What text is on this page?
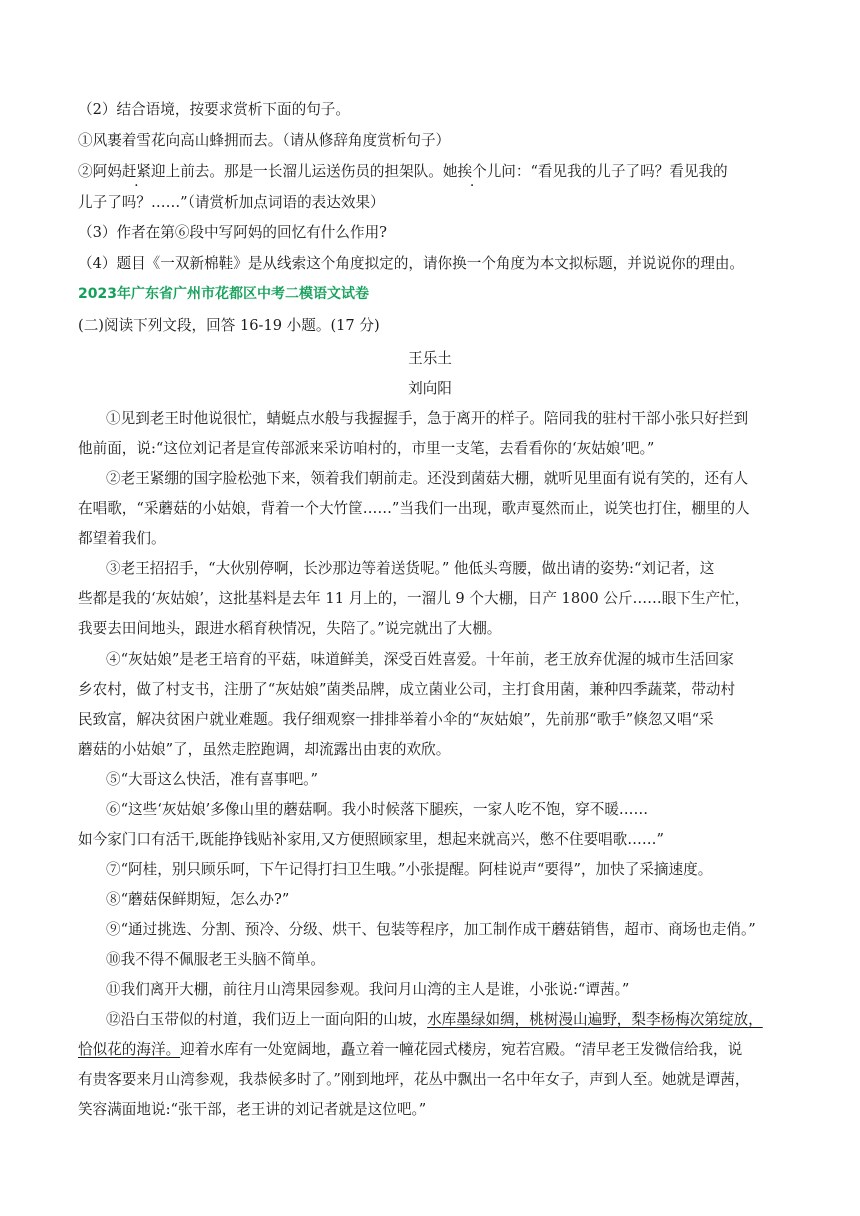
（2）结合语境，按要求赏析下面的句子。
①风裹着雪花向高山蜂拥而去。（请从修辞角度赏析句子）
②阿妈赶紧迎上前去。那是一长溜儿运送伤员的担架队。她挨个儿问：“看见我的儿子了吗？看见我的
儿子了吗？……”（请赏析加点词语的表达效果）
（3）作者在第⑥段中写阿妈的回忆有什么作用?
（4）题目《一双新棉鞋》是从线索这个角度拟定的，请你换一个角度为本文拟标题，并说说你的理由。
2023年广东省广州市花都区中考二模语文试卷
(二)阅读下列文段，回答 16-19 小题。(17 分)
王乐土
刘向阳
①见到老王时他说很忙，蜻蜓点水般与我握握手，急于离开的样子。陪同我的驻村干部小张只好拦到
他前面，说:“这位刘记者是宣传部派来采访咱村的，市里一支笔，去看看你的‘灰姑娘’吧。”
②老王紧绷的国字脸松弛下来，领着我们朝前走。还没到菌菇大棚，就听见里面有说有笑的，还有人
在唱歌，“采蘑菇的小姑娘，背着一个大竹筐……”当我们一出现，歌声戛然而止，说笑也打住，棚里的人
都望着我们。
③老王招招手，“大伙别停啊，长沙那边等着送货呢。” 他低头弯腰，做出请的姿势:“刘记者，这
些都是我的‘灰姑娘’，这批基料是去年 11 月上的，一溜儿 9 个大棚，日产 1800 公斤……眼下生产忙，
我要去田间地头，跟进水稻育秧情况，失陪了。”说完就出了大棚。
④“灰姑娘”是老王培育的平菇，味道鲜美，深受百姓喜爱。十年前，老王放弃优渥的城市生活回家
乡农村，做了村支书，注册了“灰姑娘”菌类品牌，成立菌业公司，主打食用菌，兼种四季蔬菜，带动村
民致富，解决贫困户就业难题。我仔细观察一排排举着小伞的“灰姑娘”，先前那“歌手”倏忽又唱“采
蘑菇的小姑娘”了，虽然走腔跑调，却流露出由衷的欢欣。
⑤“大哥这么快活，准有喜事吧。”
⑥“这些‘灰姑娘’多像山里的蘑菇啊。我小时候落下腿疾，一家人吃不饱，穿不暖……
如今家门口有活干,既能挣钱贴补家用,又方便照顾家里，想起来就高兴，憋不住要唱歌……”
⑦“阿桂，别只顾乐呵，下午记得打扫卫生哦。”小张提醒。阿桂说声“要得”，加快了采摘速度。
⑧“蘑菇保鲜期短，怎么办?”
⑨“通过挑选、分割、预冷、分级、烘干、包装等程序，加工制作成干蘑菇销售，超市、商场也走俏。”
⑩我不得不佩服老王头脑不简单。
⑪我们离开大棚，前往月山湾果园参观。我问月山湾的主人是谁，小张说:“谭茜。”
⑫沿白玉带似的村道，我们迈上一面向阳的山坡，水库墨绿如绸，桃树漫山遍野，梨李杨梅次第绽放，
恰似花的海洋。迎着水库有一处宽阔地，矗立着一幢花园式楼房，宛若宫殿。“清早老王发微信给我，说
有贵客要来月山湾参观，我恭候多时了。”刚到地坪，花丛中飘出一名中年女子，声到人至。她就是谭茜，
笑容满面地说:“张干部，老王讲的刘记者就是这位吧。”
